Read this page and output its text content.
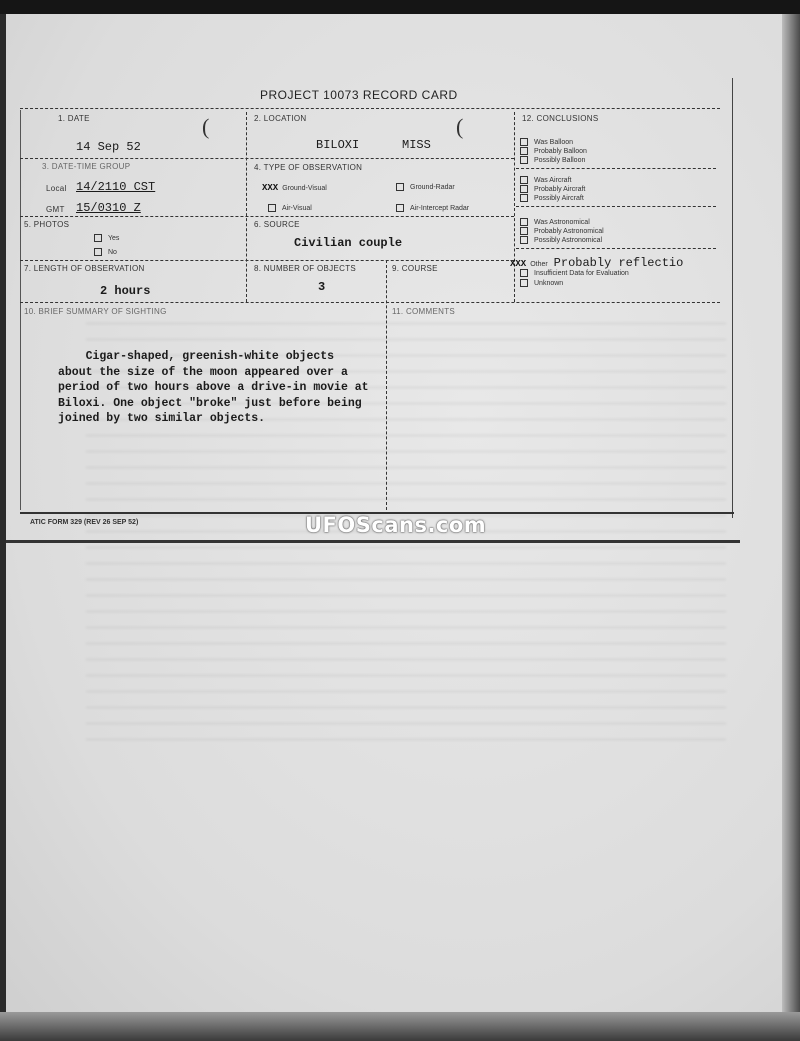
PROJECT 10073 RECORD CARD
1. DATE
14 Sep 52
(	2. LOCATION	(
BILOXI	MISS
12. CONCLUSIONS
Was Balloon
Probably Balloon
Possibly Balloon
Was Aircraft
Probably Aircraft
Possibly Aircraft
Was Astronomical
Probably Astronomical
Possibly Astronomical
XXX Other Probably reflectio
Insufficient Data for Evaluation
Unknown
3. DATE-TIME GROUP
Local 14/2110 CST
GMT 15/0310 Z
4. TYPE OF OBSERVATION
XXX Ground-Visual	Ground-Radar
Air-Visual	Air-Intercept Radar
5. PHOTOS
Yes
No
6. SOURCE
Civilian couple
7. LENGTH OF OBSERVATION
2 hours
8. NUMBER OF OBJECTS
3
9. COURSE
10. BRIEF SUMMARY OF SIGHTING	11. COMMENTS
ATIC FORM 329 (REV 26 SEP 52)
Cigar-shaped, greenish-white objects
about the size of the moon appeared over a
period of two hours above a drive-in movie at
Biloxi. One object "broke" just before being
joined by two similar objects.
UFOScans.com
